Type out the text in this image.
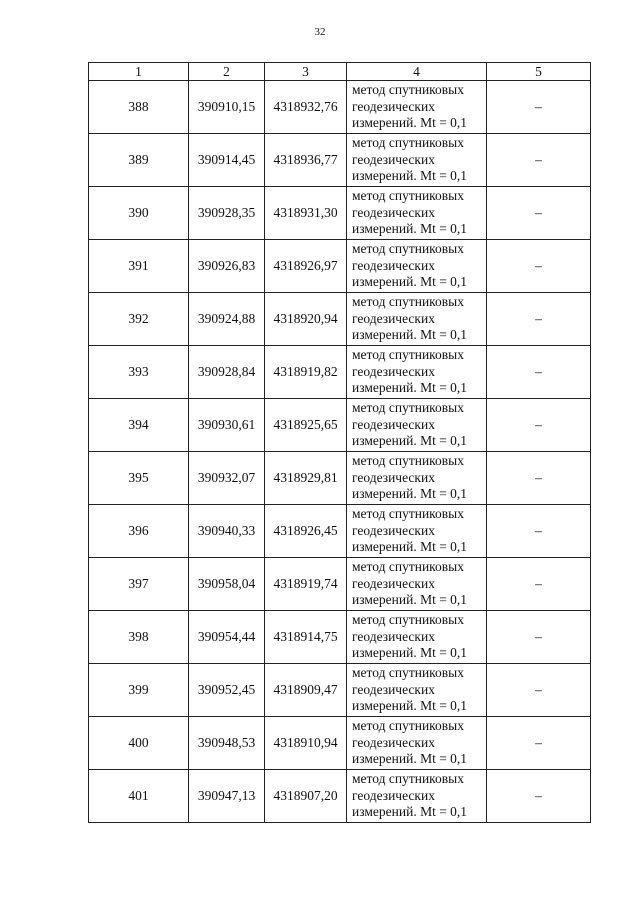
32
1	2	3	4	5
388	390910,15	4318932,76	метод спутниковых
геодезических
измерений. Mt = 0,1	–
389	390914,45	4318936,77	метод спутниковых
геодезических
измерений. Mt = 0,1	–
390	390928,35	4318931,30	метод спутниковых
геодезических
измерений. Mt = 0,1	–
391	390926,83	4318926,97	метод спутниковых
геодезических
измерений. Mt = 0,1	–
392	390924,88	4318920,94	метод спутниковых
геодезических
измерений. Mt = 0,1	–
393	390928,84	4318919,82	метод спутниковых
геодезических
измерений. Mt = 0,1	–
394	390930,61	4318925,65	метод спутниковых
геодезических
измерений. Mt = 0,1	–
395	390932,07	4318929,81	метод спутниковых
геодезических
измерений. Mt = 0,1	–
396	390940,33	4318926,45	метод спутниковых
геодезических
измерений. Mt = 0,1	–
397	390958,04	4318919,74	метод спутниковых
геодезических
измерений. Mt = 0,1	–
398	390954,44	4318914,75	метод спутниковых
геодезических
измерений. Mt = 0,1	–
399	390952,45	4318909,47	метод спутниковых
геодезических
измерений. Mt = 0,1	–
400	390948,53	4318910,94	метод спутниковых
геодезических
измерений. Mt = 0,1	–
401	390947,13	4318907,20	метод спутниковых
геодезических
измерений. Mt = 0,1	–
